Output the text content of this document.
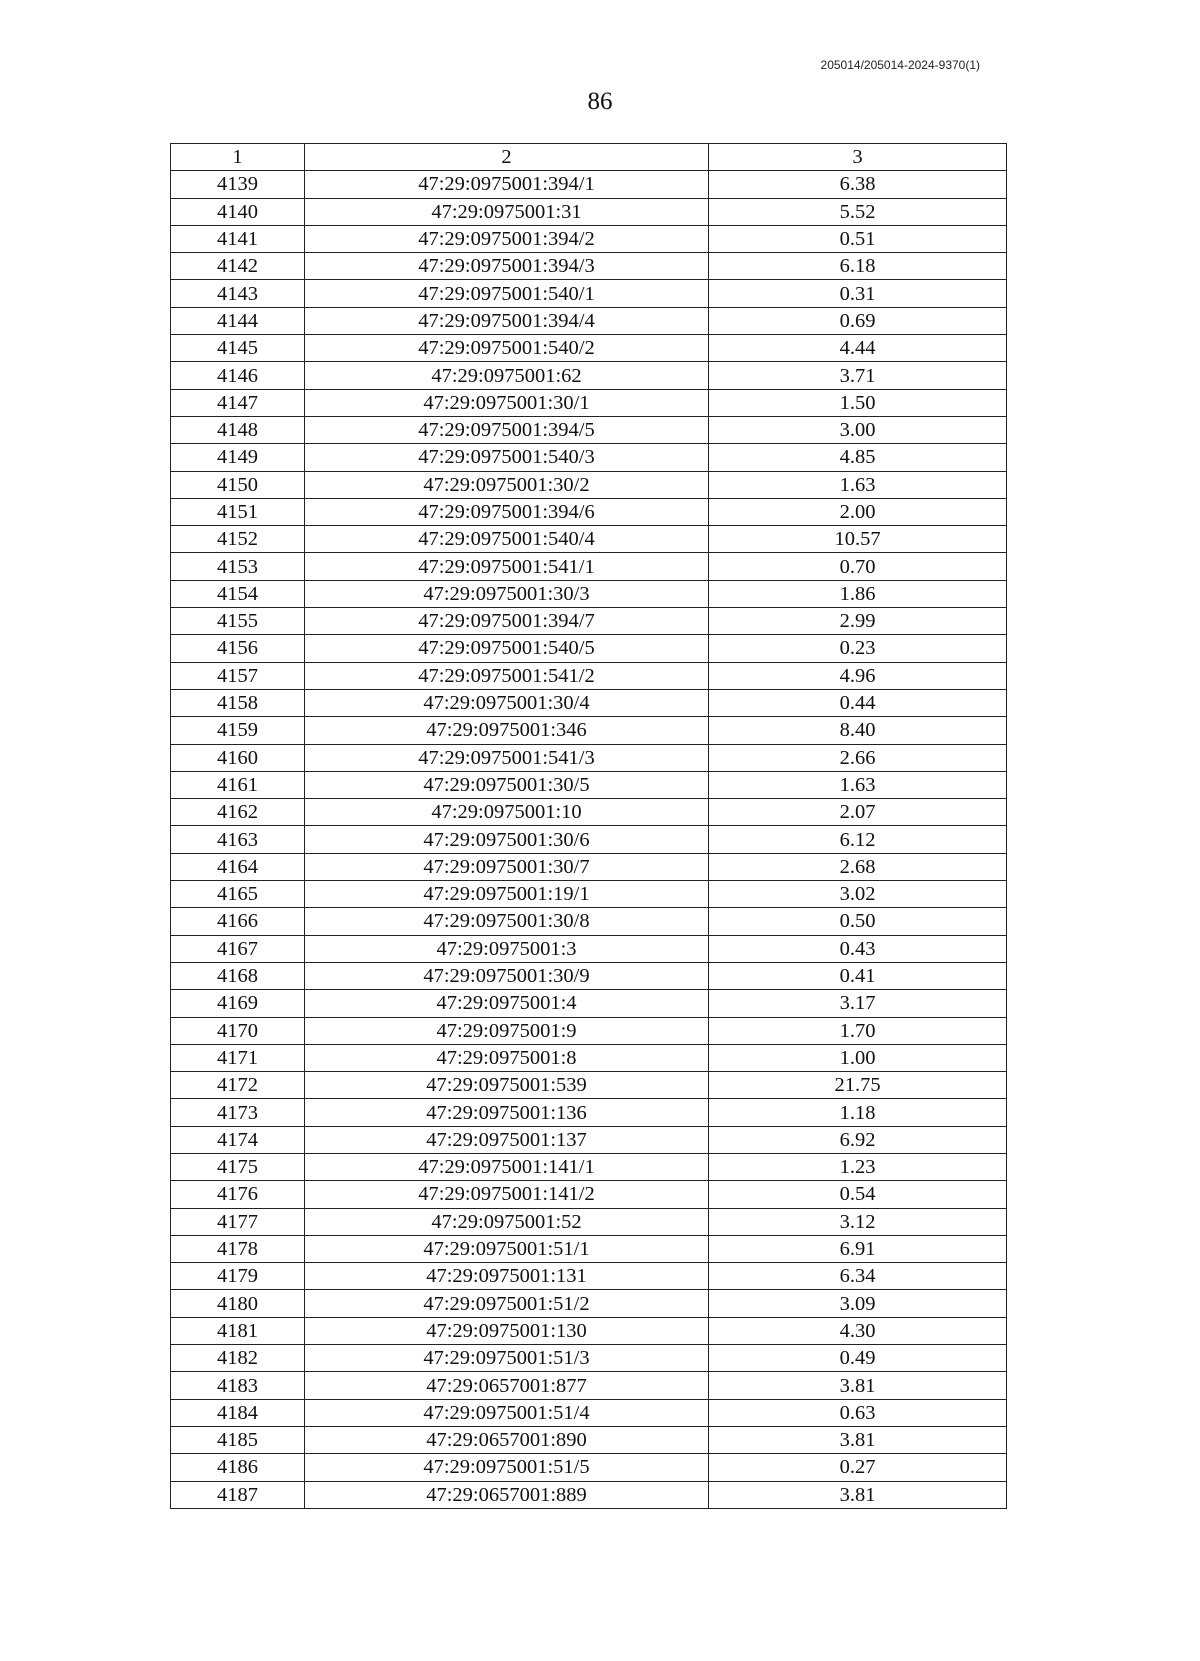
205014/205014-2024-9370(1)
86
1	2	3
4139	47:29:0975001:394/1	6.38
4140	47:29:0975001:31	5.52
4141	47:29:0975001:394/2	0.51
4142	47:29:0975001:394/3	6.18
4143	47:29:0975001:540/1	0.31
4144	47:29:0975001:394/4	0.69
4145	47:29:0975001:540/2	4.44
4146	47:29:0975001:62	3.71
4147	47:29:0975001:30/1	1.50
4148	47:29:0975001:394/5	3.00
4149	47:29:0975001:540/3	4.85
4150	47:29:0975001:30/2	1.63
4151	47:29:0975001:394/6	2.00
4152	47:29:0975001:540/4	10.57
4153	47:29:0975001:541/1	0.70
4154	47:29:0975001:30/3	1.86
4155	47:29:0975001:394/7	2.99
4156	47:29:0975001:540/5	0.23
4157	47:29:0975001:541/2	4.96
4158	47:29:0975001:30/4	0.44
4159	47:29:0975001:346	8.40
4160	47:29:0975001:541/3	2.66
4161	47:29:0975001:30/5	1.63
4162	47:29:0975001:10	2.07
4163	47:29:0975001:30/6	6.12
4164	47:29:0975001:30/7	2.68
4165	47:29:0975001:19/1	3.02
4166	47:29:0975001:30/8	0.50
4167	47:29:0975001:3	0.43
4168	47:29:0975001:30/9	0.41
4169	47:29:0975001:4	3.17
4170	47:29:0975001:9	1.70
4171	47:29:0975001:8	1.00
4172	47:29:0975001:539	21.75
4173	47:29:0975001:136	1.18
4174	47:29:0975001:137	6.92
4175	47:29:0975001:141/1	1.23
4176	47:29:0975001:141/2	0.54
4177	47:29:0975001:52	3.12
4178	47:29:0975001:51/1	6.91
4179	47:29:0975001:131	6.34
4180	47:29:0975001:51/2	3.09
4181	47:29:0975001:130	4.30
4182	47:29:0975001:51/3	0.49
4183	47:29:0657001:877	3.81
4184	47:29:0975001:51/4	0.63
4185	47:29:0657001:890	3.81
4186	47:29:0975001:51/5	0.27
4187	47:29:0657001:889	3.81
